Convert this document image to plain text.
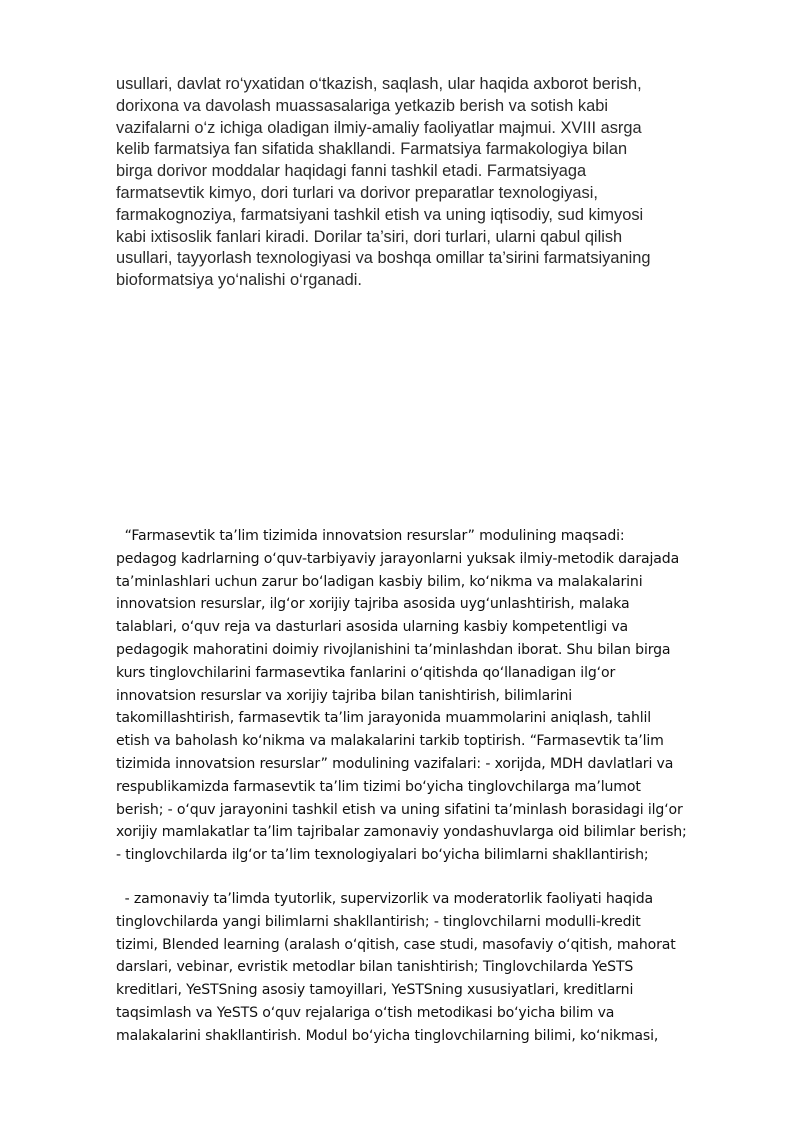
usullari, davlat ro‘yxatidan o‘tkazish, saqlash, ular haqida axborot berish,
dorixona va davolash muassasalariga yetkazib berish va sotish kabi
vazifalarni o‘z ichiga oladigan ilmiy-amaliy faoliyatlar majmui. XVIII asrga
kelib farmatsiya fan sifatida shakllandi. Farmatsiya farmakologiya bilan
birga dorivor moddalar haqidagi fanni tashkil etadi. Farmatsiyaga
farmatsevtik kimyo, dori turlari va dorivor preparatlar texnologiyasi,
farmakognoziya, farmatsiyani tashkil etish va uning iqtisodiy, sud kimyosi
kabi ixtisoslik fanlari kiradi. Dorilar ta’siri, dori turlari, ularni qabul qilish
usullari, tayyorlash texnologiyasi va boshqa omillar ta’sirini farmatsiyaning
bioformatsiya yo‘nalishi o‘rganadi.
“Farmasevtik ta’lim tizimida innovatsion resurslar” modulining maqsadi:
pedagog kadrlarning o‘quv-tarbiyaviy jarayonlarni yuksak ilmiy-metodik darajada
ta’minlashlari uchun zarur bo‘ladigan kasbiy bilim, ko‘nikma va malakalarini
innovatsion resurslar, ilg‘or xorijiy tajriba asosida uyg‘unlashtirish, malaka
talablari, o‘quv reja va dasturlari asosida ularning kasbiy kompetentligi va
pedagogik mahoratini doimiy rivojlanishini ta’minlashdan iborat. Shu bilan birga
kurs tinglovchilarini farmasevtika fanlarini o‘qitishda qo‘llanadigan ilg‘or
innovatsion resurslar va xorijiy tajriba bilan tanishtirish, bilimlarini
takomillashtirish, farmasevtik ta’lim jarayonida muammolarini aniqlash, tahlil
etish va baholash ko‘nikma va malakalarini tarkib toptirish. “Farmasevtik ta’lim
tizimida innovatsion resurslar” modulining vazifalari: - xorijda, MDH davlatlari va
respublikamizda farmasevtik ta’lim tizimi bo‘yicha tinglovchilarga ma’lumot
berish; - o‘quv jarayonini tashkil etish va uning sifatini ta’minlash borasidagi ilg‘or
xorijiy mamlakatlar ta’lim tajribalar zamonaviy yondashuvlarga oid bilimlar berish;
- tinglovchilarda ilg‘or ta’lim texnologiyalari bo‘yicha bilimlarni shakllantirish;
- zamonaviy ta’limda tyutorlik, supervizorlik va moderatorlik faoliyati haqida
tinglovchilarda yangi bilimlarni shakllantirish; - tinglovchilarni modulli-kredit
tizimi, Blended learning (aralash o‘qitish, case studi, masofaviy o‘qitish, mahorat
darslari, vebinar, evristik metodlar bilan tanishtirish; Tinglovchilarda YeSTS
kreditlari, YeSTSning asosiy tamoyillari, YeSTSning xususiyatlari, kreditlarni
taqsimlash va YeSTS o‘quv rejalariga o‘tish metodikasi bo‘yicha bilim va
malakalarini shakllantirish. Modul bo‘yicha tinglovchilarning bilimi, ko‘nikmasi,
